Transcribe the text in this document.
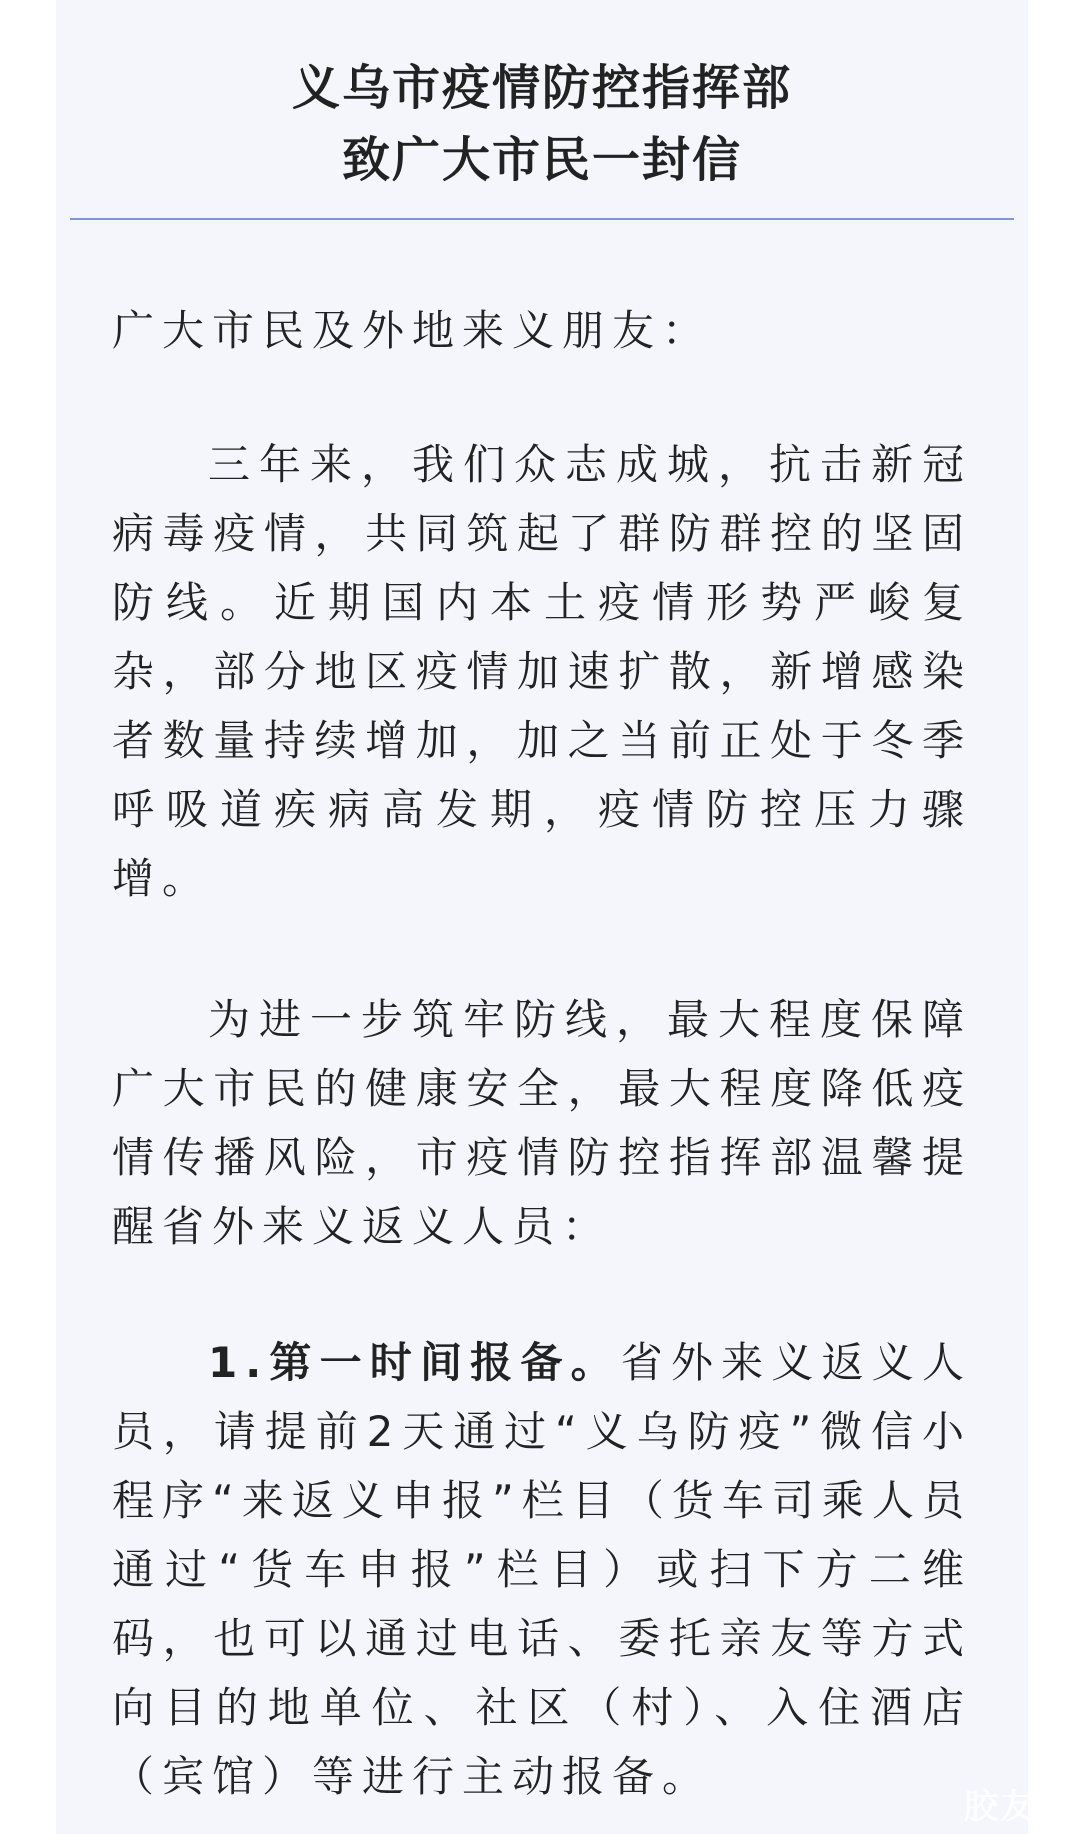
义乌市疫情防控指挥部
致广大市民一封信
广大市民及外地来义朋友：
三年来，我们众志成城，抗击新冠病毒疫情，共同筑起了群防群控的坚固防线。近期国内本土疫情形势严峻复杂，部分地区疫情加速扩散，新增感染者数量持续增加，加之当前正处于冬季呼吸道疾病高发期，疫情防控压力骤增。
为进一步筑牢防线，最大程度保障广大市民的健康安全，最大程度降低疫情传播风险，市疫情防控指挥部温馨提醒省外来义返义人员：
1.第一时间报备。省外来义返义人员，请提前2天通过“义乌防疫”微信小程序“来返义申报”栏目（货车司乘人员通过“货车申报”栏目）或扫下方二维码，也可以通过电话、委托亲友等方式向目的地单位、社区（村）、入住酒店（宾馆）等进行主动报备。
胶友
